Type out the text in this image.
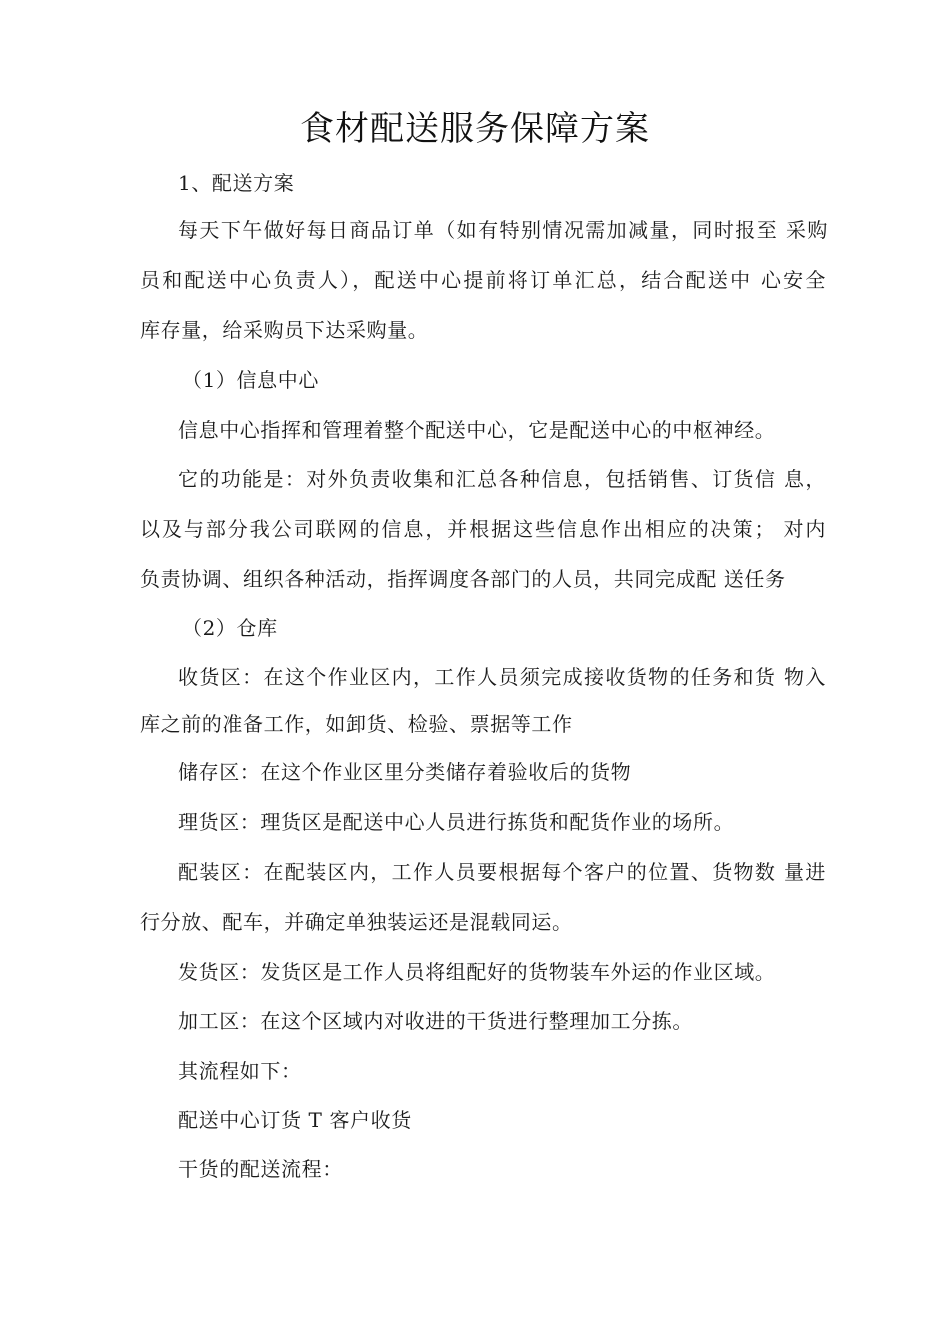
食材配送服务保障方案
1、配送方案
每天下午做好每日商品订单（如有特别情况需加减量，同时报至 采购
员和配送中心负责人），配送中心提前将订单汇总，结合配送中 心安全
库存量，给采购员下达采购量。
（1）信息中心
信息中心指挥和管理着整个配送中心，它是配送中心的中枢神经。
它的功能是：对外负责收集和汇总各种信息，包括销售、订货信 息，
以及与部分我公司联网的信息，并根据这些信息作出相应的决策； 对内
负责协调、组织各种活动，指挥调度各部门的人员，共同完成配 送任务
（2）仓库
收货区：在这个作业区内，工作人员须完成接收货物的任务和货 物入
库之前的准备工作，如卸货、检验、票据等工作
储存区：在这个作业区里分类储存着验收后的货物
理货区：理货区是配送中心人员进行拣货和配货作业的场所。
配装区：在配装区内，工作人员要根据每个客户的位置、货物数 量进
行分放、配车，并确定单独装运还是混载同运。
发货区：发货区是工作人员将组配好的货物装车外运的作业区域。
加工区：在这个区域内对收进的干货进行整理加工分拣。
其流程如下：
配送中心订货 T 客户收货
干货的配送流程：
